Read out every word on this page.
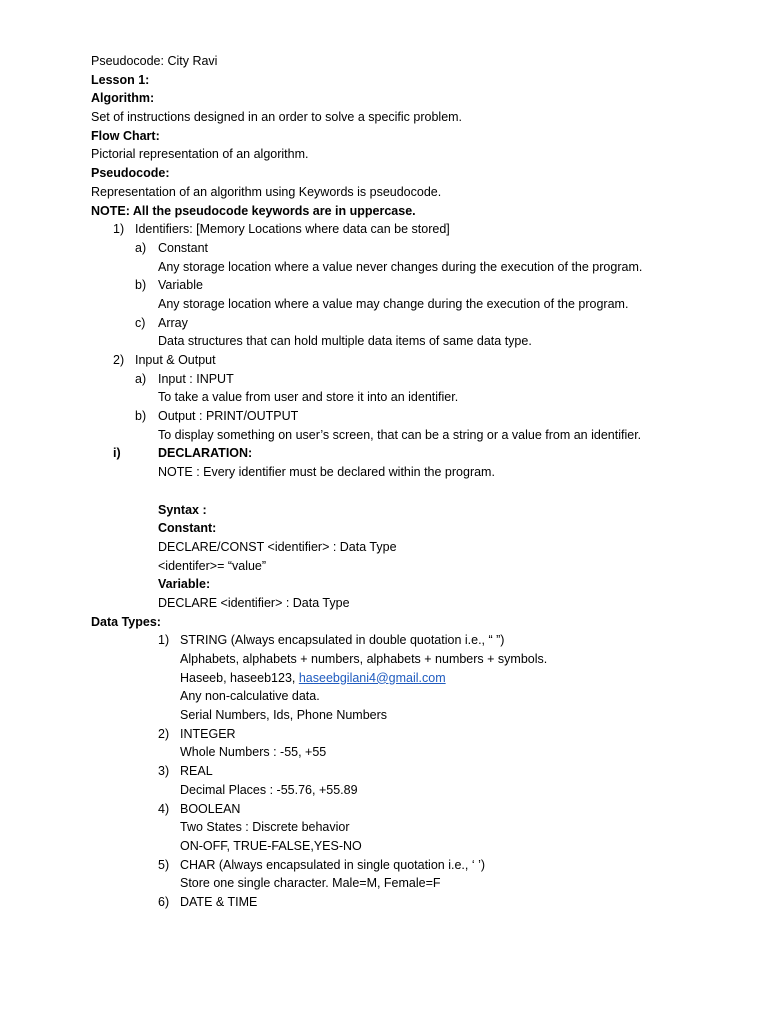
Pseudocode: City Ravi
Lesson 1:
Algorithm:
Set of instructions designed in an order to solve a specific problem.
Flow Chart:
Pictorial representation of an algorithm.
Pseudocode:
Representation of an algorithm using Keywords is pseudocode.
NOTE: All the pseudocode keywords are in uppercase.
1) Identifiers: [Memory Locations where data can be stored]
a) Constant
Any storage location where a value never changes during the execution of the program.
b) Variable
Any storage location where a value may change during the execution of the program.
c) Array
Data structures that can hold multiple data items of same data type.
2) Input & Output
a) Input : INPUT
To take a value from user and store it into an identifier.
b) Output : PRINT/OUTPUT
To display something on user’s screen, that can be a string or a value from an identifier.
i)	DECLARATION:
NOTE : Every identifier must be declared within the program.
Syntax :
Constant:
DECLARE/CONST <identifier> : Data Type
<identifer>= “value”
Variable:
DECLARE <identifier> : Data Type
Data Types:
1) STRING (Always encapsulated in double quotation i.e., “ ”)
Alphabets, alphabets + numbers, alphabets + numbers + symbols.
Haseeb, haseeb123, haseebgilani4@gmail.com
Any non-calculative data.
Serial Numbers, Ids, Phone Numbers
2) INTEGER
Whole Numbers : -55, +55
3) REAL
Decimal Places : -55.76, +55.89
4) BOOLEAN
Two States : Discrete behavior
ON-OFF, TRUE-FALSE,YES-NO
5) CHAR (Always encapsulated in single quotation i.e., ‘ ’)
Store one single character. Male=M, Female=F
6) DATE & TIME
